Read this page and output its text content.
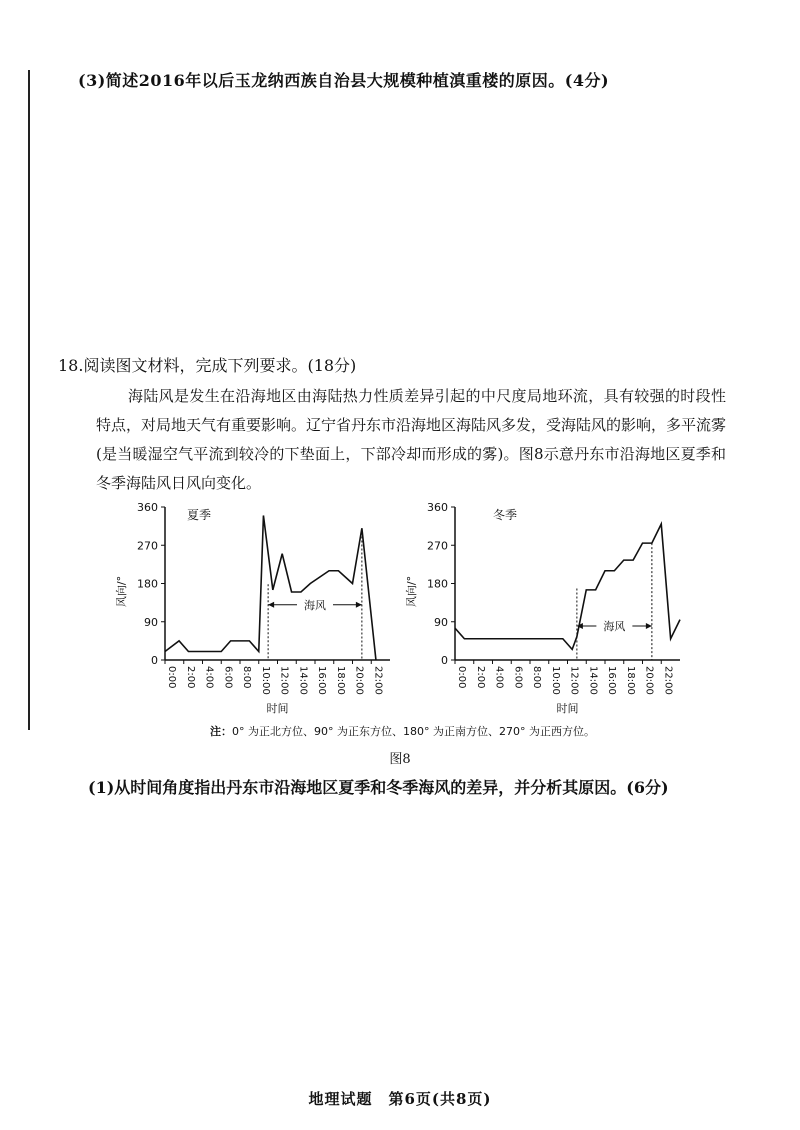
(3)简述2016年以后玉龙纳西族自治县大规模种植滇重楼的原因。(4分)
18.阅读图文材料，完成下列要求。(18分)
海陆风是发生在沿海地区由海陆热力性质差异引起的中尺度局地环流，具有较强的时段性特点，对局地天气有重要影响。辽宁省丹东市沿海地区海陆风多发，受海陆风的影响，多平流雾(是当暖湿空气平流到较冷的下垫面上，下部冷却而形成的雾)。图8示意丹东市沿海地区夏季和冬季海陆风日风向变化。
0
90
180
270
360
0:00 2:00 4:00 6:00 8:00 10:00 12:00 14:00 16:00 18:00 20:00 22:00
夏季
风向/°
时间
海风
0
90
180
270
360
0:00 2:00 4:00 6:00 8:00 10:00 12:00 14:00 16:00 18:00 20:00 22:00
冬季
风向/°
时间
海风
注：0° 为正北方位、90° 为正东方位、180° 为正南方位、270° 为正西方位。
图8
(1)从时间角度指出丹东市沿海地区夏季和冬季海风的差异，并分析其原因。(6分)
地理试题　第6页(共8页)
